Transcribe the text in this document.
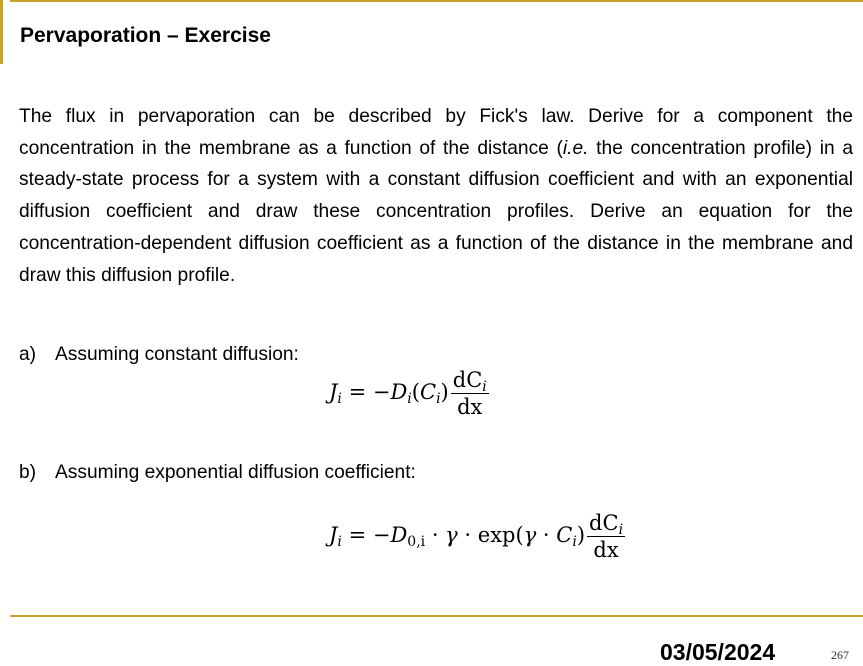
Pervaporation – Exercise

The flux in pervaporation can be described by Fick's law. Derive for a component the concentration in the membrane as a function of the distance (i.e. the concentration profile) in a steady-state process for a system with a constant diffusion coefficient and with an exponential diffusion coefficient and draw these concentration profiles. Derive an equation for the concentration-dependent diffusion coefficient as a function of the distance in the membrane and draw this diffusion profile.

a) Assuming constant diffusion:

$J_i = -D_i(C_i) \frac{dC_i}{dx}$

b) Assuming exponential diffusion coefficient:

$J_i = -D_{0,i} \cdot \gamma \cdot \exp(\gamma \cdot C_i) \frac{dC_i}{dx}$

03/05/2024	267
